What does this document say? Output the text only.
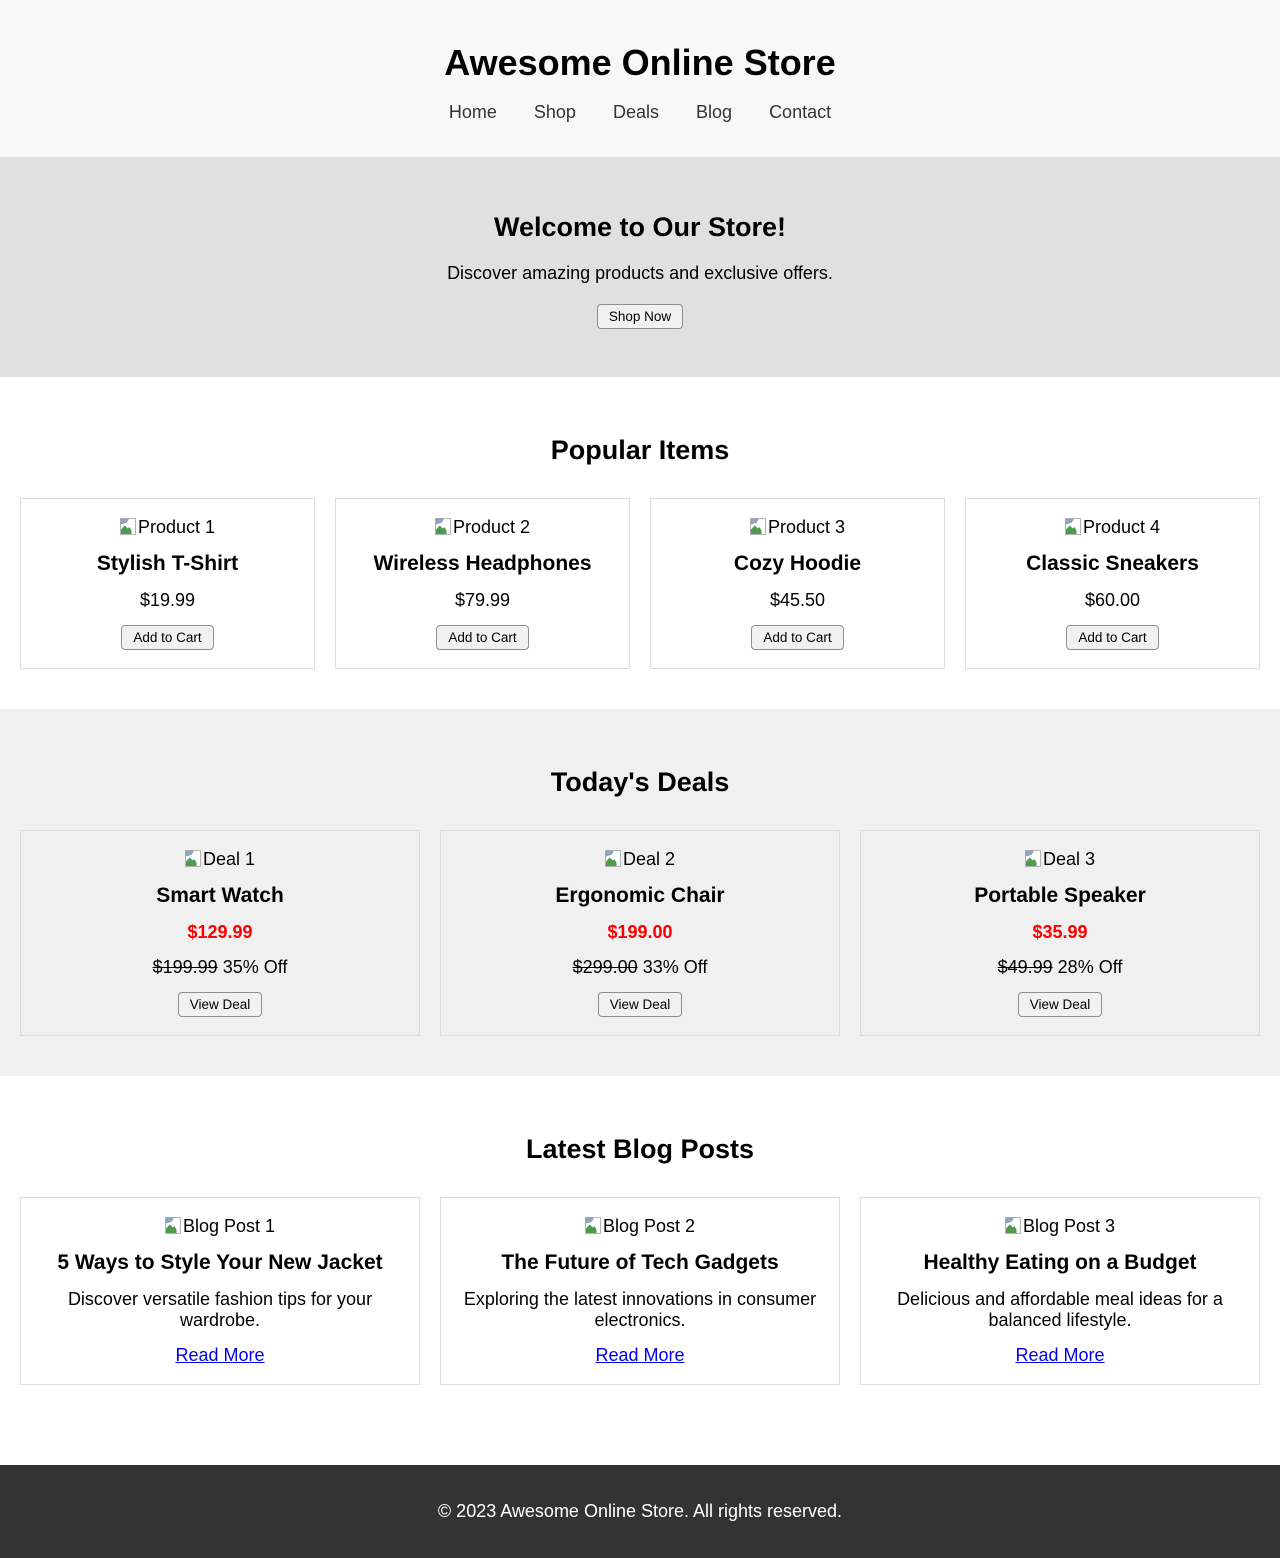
Awesome Online Store
Home Shop Deals Blog Contact
Welcome to Our Store!

Discover amazing products and exclusive offers.

Shop Now
Popular Items
Product 1
Stylish T-Shirt

$19.99

Add to Cart
Product 2
Wireless Headphones

$79.99

Add to Cart
Product 3
Cozy Hoodie

$45.50

Add to Cart
Product 4
Classic Sneakers

$60.00

Add to Cart
Today's Deals
Deal 1
Smart Watch

$129.99

$199.99 35% Off

View Deal
Deal 2
Ergonomic Chair

$199.00

$299.00 33% Off

View Deal
Deal 3
Portable Speaker

$35.99

$49.99 28% Off

View Deal
Latest Blog Posts
Blog Post 1
5 Ways to Style Your New Jacket

Discover versatile fashion tips for your wardrobe.

Read More
Blog Post 2
The Future of Tech Gadgets

Exploring the latest innovations in consumer electronics.

Read More
Blog Post 3
Healthy Eating on a Budget

Delicious and affordable meal ideas for a balanced lifestyle.

Read More

© 2023 Awesome Online Store. All rights reserved.
